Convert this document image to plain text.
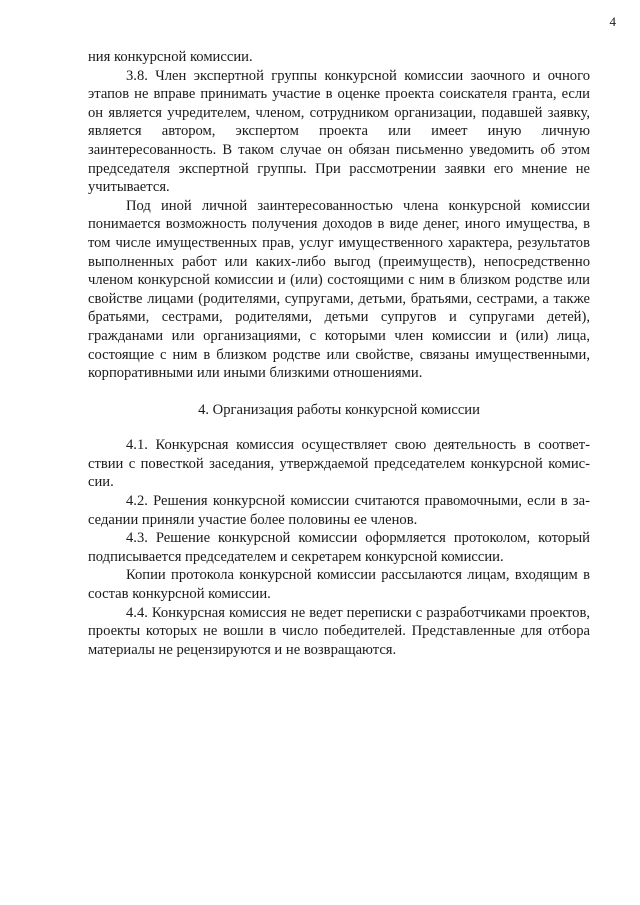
4

ния конкурсной комиссии.

3.8. Член экспертной группы конкурсной комиссии заочного и очного этапов не вправе принимать участие в оценке проекта соискателя гранта, если он является учредителем, членом, сотрудником организации, подавшей заявку, является автором, экспертом проекта или имеет иную личную заинтересованность. В таком случае он обязан письменно уведомить об этом председателя экспертной группы. При рассмотрении заявки его мнение не учитывается.

Под иной личной заинтересованностью члена конкурсной комиссии понимается возможность получения доходов в виде денег, иного имущества, в том числе имущественных прав, услуг имущественного характера, результатов выполненных работ или каких-либо выгод (преимуществ), непосредственно членом конкурсной комиссии и (или) состоящими с ним в близком родстве или свойстве лицами (родителями, супругами, детьми, братьями, сестрами, а также братьями, сестрами, родителями, детьми супругов и супругами детей), гражданами или организациями, с которыми член комиссии и (или) лица, состоящие с ним в близком родстве или свойстве, связаны имущественными, корпоративными или иными близкими отношениями.

4. Организация работы конкурсной комиссии

4.1. Конкурсная комиссия осуществляет свою деятельность в соответствии с повесткой заседания, утверждаемой председателем конкурсной комиссии.

4.2. Решения конкурсной комиссии считаются правомочными, если в заседании приняли участие более половины ее членов.

4.3. Решение конкурсной комиссии оформляется протоколом, который подписывается председателем и секретарем конкурсной комиссии.

Копии протокола конкурсной комиссии рассылаются лицам, входящим в состав конкурсной комиссии.

4.4. Конкурсная комиссия не ведет переписки с разработчиками проектов, проекты которых не вошли в число победителей. Представленные для отбора материалы не рецензируются и не возвращаются.
